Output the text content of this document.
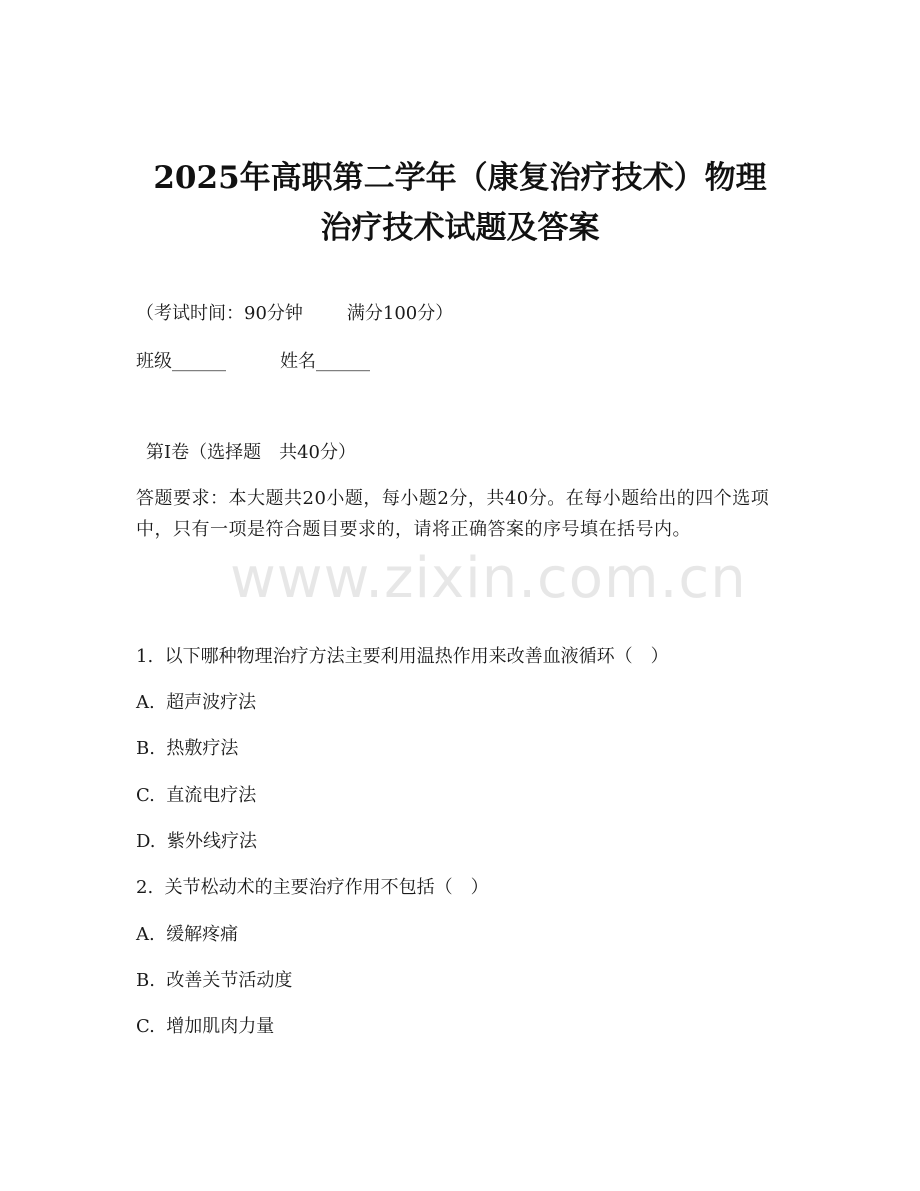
2025年高职第二学年（康复治疗技术）物理
治疗技术试题及答案
（考试时间：90分钟 满分100分）
班级______	姓名______
第I卷（选择题　共40分）
答题要求：本大题共20小题，每小题2分，共40分。在每小题给出的四个选项中，只有一项是符合题目要求的，请将正确答案的序号填在括号内。
www.zixin.com.cn
1.  以下哪种物理治疗方法主要利用温热作用来改善血液循环（　）
A.  超声波疗法
B.  热敷疗法
C.  直流电疗法
D.  紫外线疗法
2.  关节松动术的主要治疗作用不包括（　）
A.  缓解疼痛
B.  改善关节活动度
C.  增加肌肉力量
